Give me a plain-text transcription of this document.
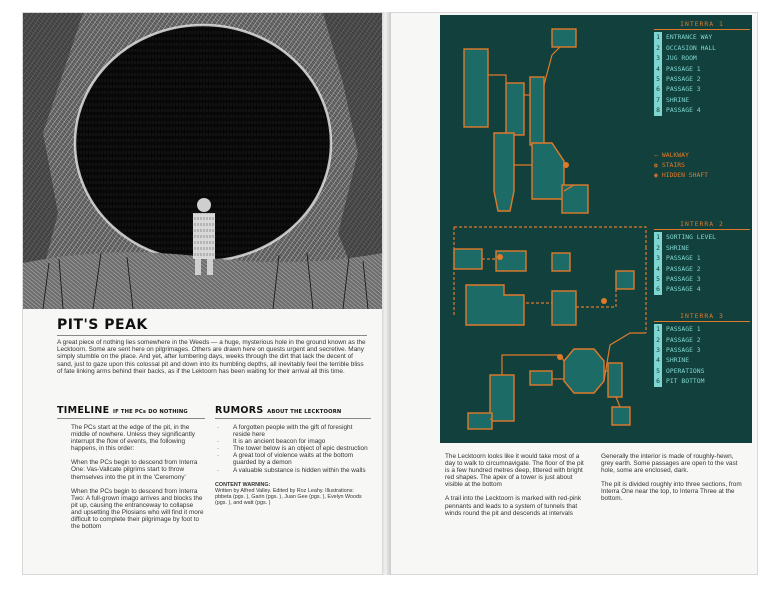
PIT'S PEAK

A great piece of nothing lies somewhere in the Weeds — a huge, mysterious hole in the ground known as the Lecktoorn. Some are sent here on pilgrimages. Others are drawn here on quests urgent and secretive. Many simply stumble on the place. And yet, after lumbering days, weeks through the dirt that lack the decent of sand, just to gaze upon this colossal pit and down into its humbling depths, all inevitably feel the terrible bliss of fate linking arms behind their backs, as if the Lektoorn has been waiting for their arrival all this time.

TIMELINE IF THE PCs DO NOTHING

The PCs start at the edge of the pit, in the middle of nowhere. Unless they significantly interrupt the flow of events, the following happens, in this order:

When the PCs begin to descend from Interra One: Vas-Vallcate pilgrims start to throw themselves into the pit in the 'Ceremony'

When the PCs begin to descend from Interra Two: A full-grown imago arrives and blocks the pit up, causing the entranceway to collapse and upsetting the Plosians who will find it more difficult to complete their pilgrimage by foot to the bottom

RUMORS ABOUT THE LECKTOORN
· A forgotten people with the gift of foresight reside here
· It is an ancient beacon for imago
· The tower below is an object of epic destruction
· A great tool of violence waits at the bottom guarded by a demon
· A valuable substance is hidden within the walls
CONTENT WARNING:
Written by Alfred Valley. Edited by Roz Leahy. Illustrations: pbbeta (pgs. ), Garin (pgs. ), Juan Gee (pgs. ), Evelyn Woods (pgs. ), and watt (pgs. )
INTERRA 1
1 ENTRANCE WAY
2 OCCASION HALL
3 JUG ROOM
4 PASSAGE 1
5 PASSAGE 2
6 PASSAGE 3
7 SHRINE
8 PASSAGE 4
— WALKWAY
◍ STAIRS
◉ HIDDEN SHAFT
INTERRA 2
1 SORTING LEVEL
2 SHRINE
3 PASSAGE 1
4 PASSAGE 2
5 PASSAGE 3
6 PASSAGE 4
INTERRA 3
1 PASSAGE 1
2 PASSAGE 2
3 PASSAGE 3
4 SHRINE
5 OPERATIONS
6 PIT BOTTOM

The Lecktoorn looks like it would take most of a day to walk to circumnavigate. The floor of the pit is a few hundred metres deep, littered with bright red shapes. The apex of a tower is just about visible at the bottom

A trail into the Lecktoorn is marked with red-pink pennants and leads to a system of tunnels that winds round the pit and descends at intervals

Generally the interior is made of roughly-hewn, grey earth. Some passages are open to the vast hole, some are enclosed, dark.

The pit is divided roughly into three sections, from Interra One near the top, to Interra Three at the bottom.
